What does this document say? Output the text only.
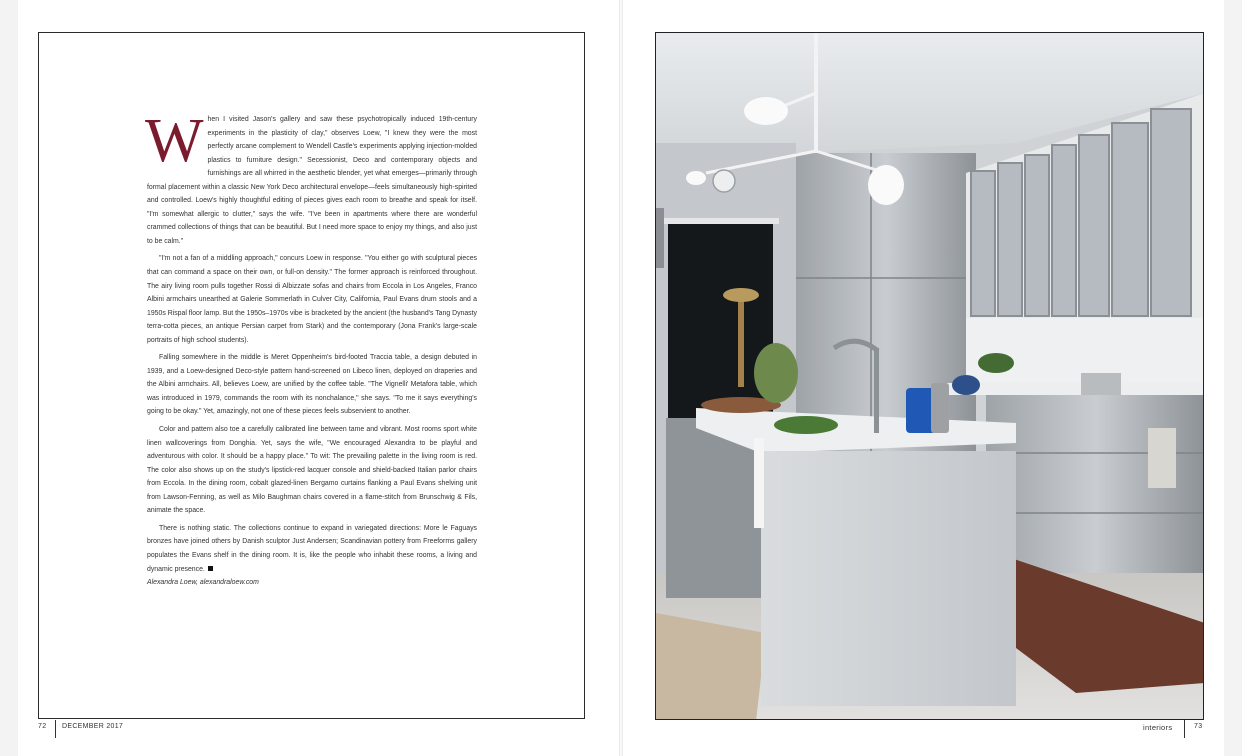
When I visited Jason's gallery and saw these psychotropically induced 19th-century experiments in the plasticity of clay," observes Loew, "I knew they were the most perfectly arcane complement to Wendell Castle's experiments applying injection-molded plastics to furniture design." Secessionist, Deco and contemporary objects and furnishings are all whirred in the aesthetic blender, yet what emerges—primarily through formal placement within a classic New York Deco architectural envelope—feels simultaneously high-spirited and controlled. Loew's highly thoughtful editing of pieces gives each room to breathe and speak for itself. "I'm somewhat allergic to clutter," says the wife. "I've been in apartments where there are wonderful crammed collections of things that can be beautiful. But I need more space to enjoy my things, and also just to be calm."

"I'm not a fan of a middling approach," concurs Loew in response. "You either go with sculptural pieces that can command a space on their own, or full-on density." The former approach is reinforced throughout. The airy living room pulls together Rossi di Albizzate sofas and chairs from Eccola in Los Angeles, Franco Albini armchairs unearthed at Galerie Sommerlath in Culver City, California, Paul Evans drum stools and a 1950s Rispal floor lamp. But the 1950s–1970s vibe is bracketed by the ancient (the husband's Tang Dynasty terra-cotta pieces, an antique Persian carpet from Stark) and the contemporary (Jona Frank's large-scale portraits of high school students).

Falling somewhere in the middle is Meret Oppenheim's bird-footed Traccia table, a design debuted in 1939, and a Loew-designed Deco-style pattern hand-screened on Libeco linen, deployed on draperies and the Albini armchairs. All, believes Loew, are unified by the coffee table. "The Vignelli' Metafora table, which was introduced in 1979, commands the room with its nonchalance," she says. "To me it says everything's going to be okay." Yet, amazingly, not one of these pieces feels subservient to another.

Color and pattern also toe a carefully calibrated line between tame and vibrant. Most rooms sport white linen wallcoverings from Donghia. Yet, says the wife, "We encouraged Alexandra to be playful and adventurous with color. It should be a happy place." To wit: The prevailing palette in the living room is red. The color also shows up on the study's lipstick-red lacquer console and shield-backed Italian parlor chairs from Eccola. In the dining room, cobalt glazed-linen Bergamo curtains flanking a Paul Evans shelving unit from Lawson-Fenning, as well as Milo Baughman chairs covered in a flame-stitch from Brunschwig & Fils, animate the space.

There is nothing static. The collections continue to expand in variegated directions: More le Faguays bronzes have joined others by Danish sculptor Just Andersen; Scandinavian pottery from Freeforms gallery populates the Evans shelf in the dining room. It is, like the people who inhabit these rooms, a living and dynamic presence.
Alexandra Loew, alexandraloew.com

72 DECEMBER 2017	interiors	73
